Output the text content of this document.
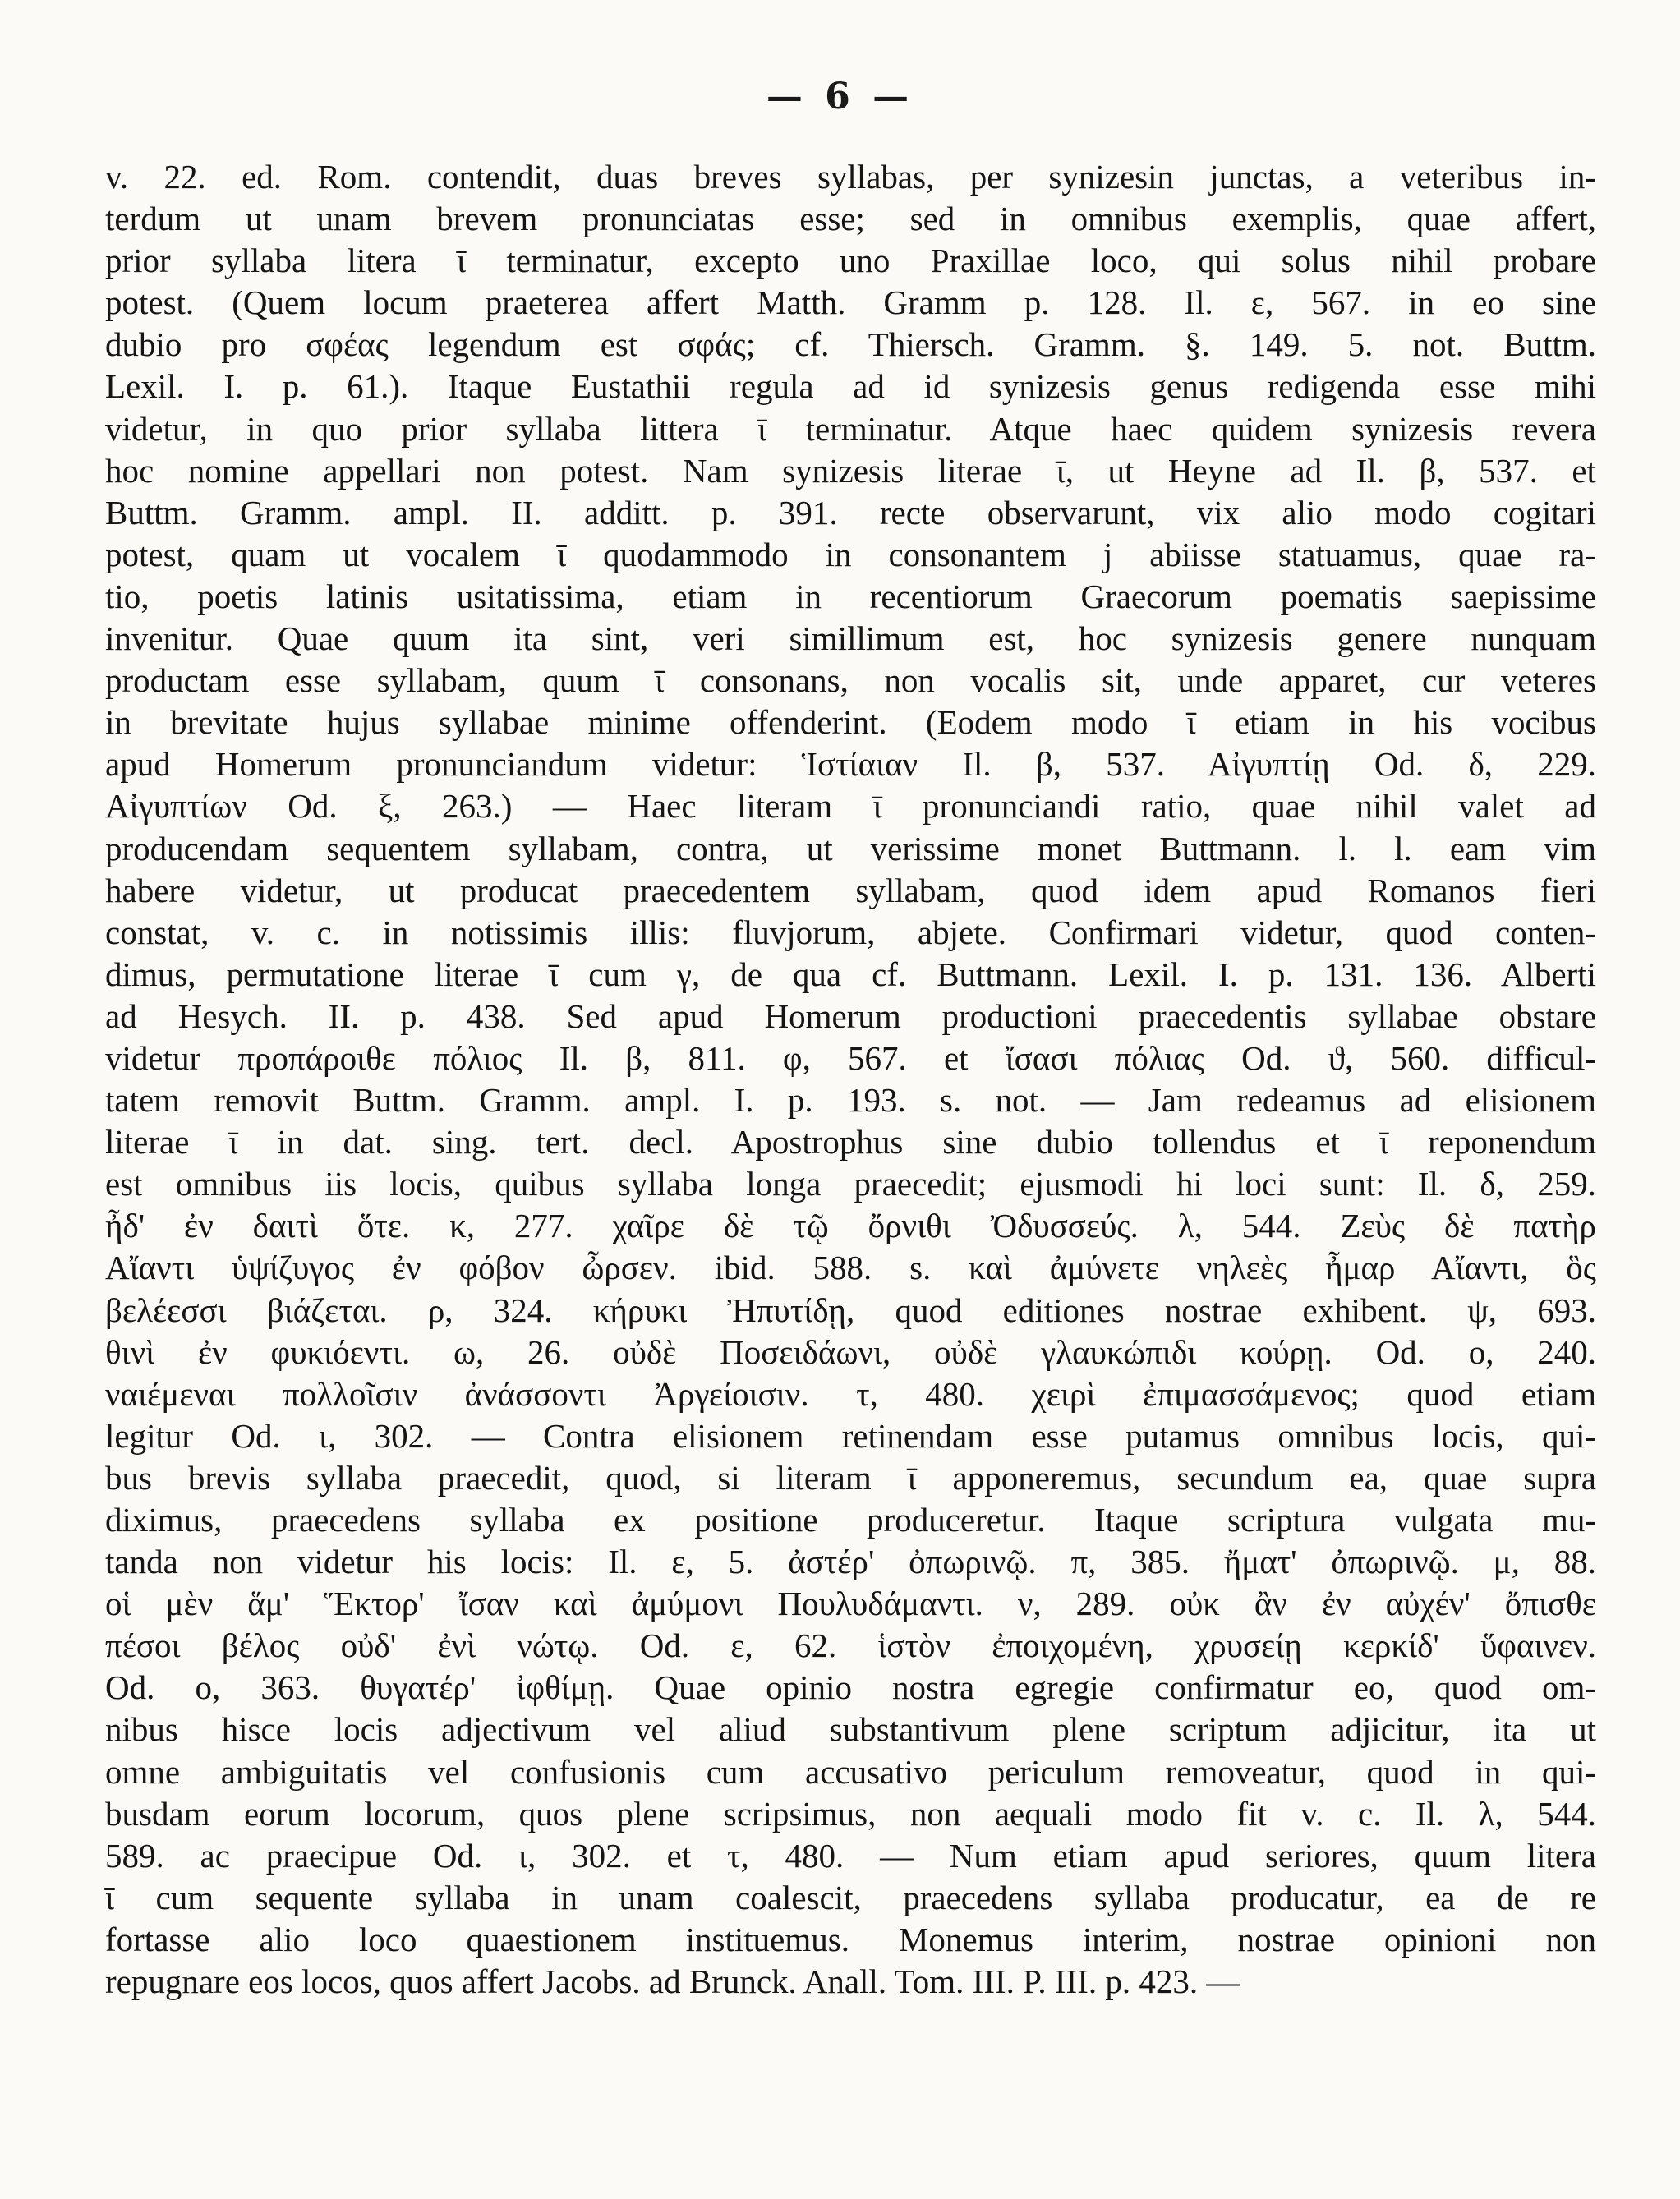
— 6 —
v. 22. ed. Rom. contendit, duas breves syllabas, per synizesin junctas, a veteribus in-
terdum ut unam brevem pronunciatas esse; sed in omnibus exemplis, quae affert,
prior syllaba litera ῑ terminatur, excepto uno Praxillae loco, qui solus nihil probare
potest. (Quem locum praeterea affert Matth. Gramm p. 128. Il. ε, 567. in eo sine
dubio pro σφέας legendum est σφάς; cf. Thiersch. Gramm. §. 149. 5. not. Buttm.
Lexil. I. p. 61.). Itaque Eustathii regula ad id synizesis genus redigenda esse mihi
videtur, in quo prior syllaba littera ῑ terminatur. Atque haec quidem synizesis revera
hoc nomine appellari non potest. Nam synizesis literae ῑ, ut Heyne ad Il. β, 537. et
Buttm. Gramm. ampl. II. additt. p. 391. recte observarunt, vix alio modo cogitari
potest, quam ut vocalem ῑ quodammodo in consonantem j abiisse statuamus, quae ra-
tio, poetis latinis usitatissima, etiam in recentiorum Graecorum poematis saepissime
invenitur. Quae quum ita sint, veri simillimum est, hoc synizesis genere nunquam
productam esse syllabam, quum ῑ consonans, non vocalis sit, unde apparet, cur veteres
in brevitate hujus syllabae minime offenderint. (Eodem modo ῑ etiam in his vocibus
apud Homerum pronunciandum videtur: Ἱστίαιαν Il. β, 537. Αἰγυπτίῃ Od. δ, 229.
Αἰγυπτίων Od. ξ, 263.) — Haec literam ῑ pronunciandi ratio, quae nihil valet ad
producendam sequentem syllabam, contra, ut verissime monet Buttmann. l. l. eam vim
habere videtur, ut producat praecedentem syllabam, quod idem apud Romanos fieri
constat, v. c. in notissimis illis: fluvjorum, abjete. Confirmari videtur, quod conten-
dimus, permutatione literae ῑ cum γ, de qua cf. Buttmann. Lexil. I. p. 131. 136. Alberti
ad Hesych. II. p. 438. Sed apud Homerum productioni praecedentis syllabae obstare
videtur προπάροιθε πόλιος Il. β, 811. φ, 567. et ἴσασι πόλιας Od. ϑ, 560. difficul-
tatem removit Buttm. Gramm. ampl. I. p. 193. s. not. — Jam redeamus ad elisionem
literae ῑ in dat. sing. tert. decl. Apostrophus sine dubio tollendus et ῑ reponendum
est omnibus iis locis, quibus syllaba longa praecedit; ejusmodi hi loci sunt: Il. δ, 259.
ἦδ' ἐν δαιτὶ ὅτε. κ, 277. χαῖρε δὲ τῷ ὄρνιθι Ὀδυσσεύς. λ, 544. Ζεὺς δὲ πατὴρ
Αἴαντι ὑψίζυγος ἐν φόβον ὦρσεν. ibid. 588. s. καὶ ἀμύνετε νηλεὲς ἦμαρ Αἴαντι, ὃς
βελέεσσι βιάζεται. ρ, 324. κήρυκι Ἠπυτίδῃ, quod editiones nostrae exhibent. ψ, 693.
θινὶ ἐν φυκιόεντι. ω, 26. οὐδὲ Ποσειδάωνι, οὐδὲ γλαυκώπιδι κούρῃ. Od. ο, 240.
ναιέμεναι πολλοῖσιν ἀνάσσοντι Ἀργείοισιν. τ, 480. χειρὶ ἐπιμασσάμενος; quod etiam
legitur Od. ι, 302. — Contra elisionem retinendam esse putamus omnibus locis, qui-
bus brevis syllaba praecedit, quod, si literam ῑ apponeremus, secundum ea, quae supra
diximus, praecedens syllaba ex positione produceretur. Itaque scriptura vulgata mu-
tanda non videtur his locis: Il. ε, 5. ἀστέρ' ὀπωρινῷ. π, 385. ἤματ' ὀπωρινῷ. μ, 88.
οἱ μὲν ἅμ' Ἕκτορ' ἴσαν καὶ ἀμύμονι Πουλυδάμαντι. ν, 289. οὐκ ἂν ἐν αὐχέν' ὄπισθε
πέσοι βέλος οὐδ' ἐνὶ νώτῳ. Od. ε, 62. ἱστὸν ἐποιχομένη, χρυσείῃ κερκίδ' ὕφαινεν.
Od. ο, 363. θυγατέρ' ἰφθίμῃ. Quae opinio nostra egregie confirmatur eo, quod om-
nibus hisce locis adjectivum vel aliud substantivum plene scriptum adjicitur, ita ut
omne ambiguitatis vel confusionis cum accusativo periculum removeatur, quod in qui-
busdam eorum locorum, quos plene scripsimus, non aequali modo fit v. c. Il. λ, 544.
589. ac praecipue Od. ι, 302. et τ, 480. — Num etiam apud seriores, quum litera
ῑ cum sequente syllaba in unam coalescit, praecedens syllaba producatur, ea de re
fortasse alio loco quaestionem instituemus. Monemus interim, nostrae opinioni non
repugnare eos locos, quos affert Jacobs. ad Brunck. Anall. Tom. III. P. III. p. 423. —
